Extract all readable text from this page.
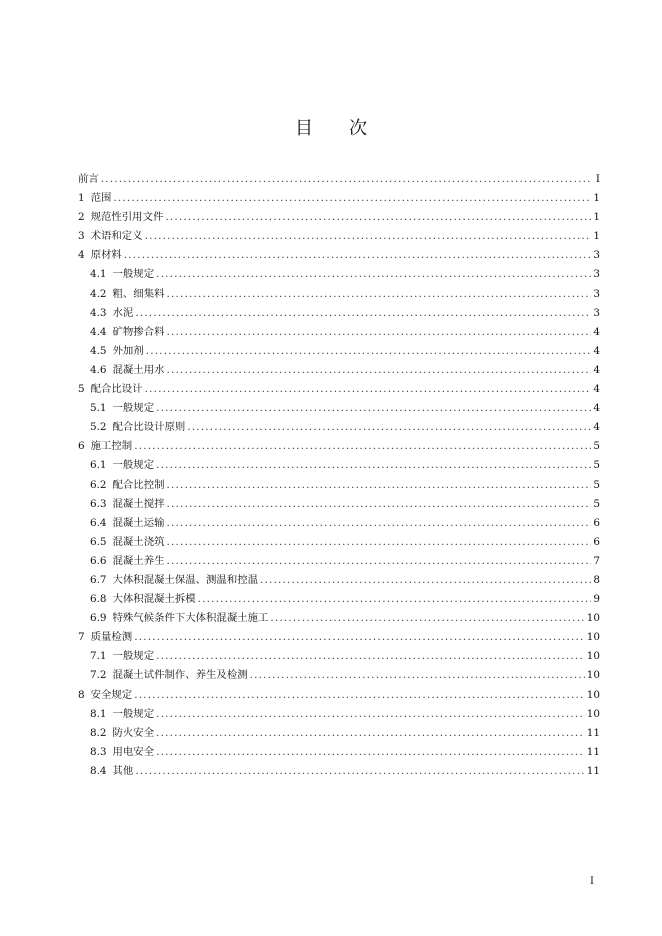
目 次
前言 .....	I
1 范围 .....	1
2 规范性引用文件 .....	1
3 术语和定义 .....	1
4 原材料 .....	3
4.1 一般规定 .....	3
4.2 粗、细集料 .....	3
4.3 水泥 .....	3
4.4 矿物掺合料 .....	4
4.5 外加剂 .....	4
4.6 混凝土用水 .....	4
5 配合比设计 .....	4
5.1 一般规定 .....	4
5.2 配合比设计原则 .....	4
6 施工控制 .....	5
6.1 一般规定 .....	5
6.2 配合比控制 .....	5
6.3 混凝土搅拌 .....	5
6.4 混凝土运输 .....	6
6.5 混凝土浇筑 .....	6
6.6 混凝土养生 .....	7
6.7 大体积混凝土保温、测温和控温 .....	8
6.8 大体积混凝土拆模 .....	9
6.9 特殊气候条件下大体积混凝土施工 .....	10
7 质量检测 .....	10
7.1 一般规定 .....	10
7.2 混凝土试件制作、养生及检测 .....	10
8 安全规定 .....	10
8.1 一般规定 .....	10
8.2 防火安全 .....	11
8.3 用电安全 .....	11
8.4 其他 .....	11
I
